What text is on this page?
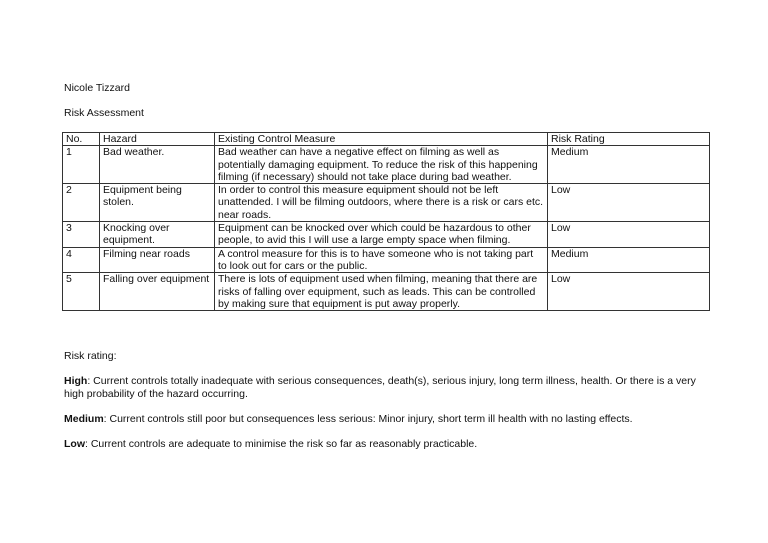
Nicole Tizzard
Risk Assessment
No.	Hazard	Existing Control Measure	Risk Rating
1	Bad weather.	Bad weather can have a negative effect on filming as well as potentially damaging equipment. To reduce the risk of this happening filming (if necessary) should not take place during bad weather.	Medium
2	Equipment being stolen.	In order to control this measure equipment should not be left unattended. I will be filming outdoors, where there is a risk or cars etc. near roads.	Low
3	Knocking over equipment.	Equipment can be knocked over which could be hazardous to other people, to avid this I will use a large empty space when filming.	Low
4	Filming near roads	A control measure for this is to have someone who is not taking part to look out for cars or the public.	Medium
5	Falling over equipment	There is lots of equipment used when filming, meaning that there are risks of falling over equipment, such as leads. This can be controlled by making sure that equipment is put away properly.	Low
Risk rating:
High: Current controls totally inadequate with serious consequences, death(s), serious injury, long term illness, health. Or there is a very high probability of the hazard occurring.
Medium: Current controls still poor but consequences less serious: Minor injury, short term ill health with no lasting effects.
Low: Current controls are adequate to minimise the risk so far as reasonably practicable.
